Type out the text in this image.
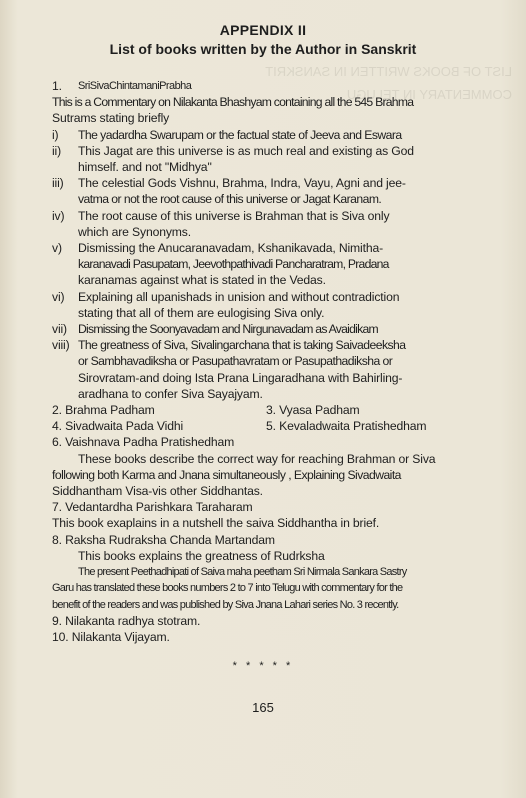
LIST OF BOOKS WRITTEN IN SANSKRIT
COMMENTARY IN TELUGU
APPENDIX II
List of books written by the Author in Sanskrit
1.	SriSivaChintamaniPrabha
This is a Commentary on Nilakanta Bhashyam containing all the 545 Brahma
Sutrams stating briefly
i)	The yadardha Swarupam or the factual state of Jeeva and Eswara
ii)	This Jagat are this universe is as much real and existing as God
himself. and not "Midhya"
iii)	The celestial Gods Vishnu, Brahma, Indra, Vayu, Agni and jee-
vatma or not the root cause of this universe or Jagat Karanam.
iv)	The root cause of this universe is Brahman that is Siva only
which are Synonyms.
v)	Dismissing the Anucaranavadam, Kshanikavada, Nimitha-
karanavadi Pasupatam, Jeevothpathivadi Pancharatram, Pradana
karanamas against what is stated in the Vedas.
vi)	Explaining all upanishads in unision and without contradiction
stating that all of them are eulogising Siva only.
vii) Dismissing the Soonyavadam and Nirgunavadam as Avaidikam
viii) The greatness of Siva, Sivalingarchana that is taking Saivadeeksha
or Sambhavadiksha or Pasupathavratam or Pasupathadiksha or
Sirovratam-and doing Ista Prana Lingaradhana with Bahirling-
aradhana to confer Siva Sayajyam.
2. Brahma Padham	3. Vyasa Padham
4. Sivadwaita Pada Vidhi	5. Kevaladwaita Pratishedham
6. Vaishnava Padha Pratishedham
These books describe the correct way for reaching Brahman or Siva
following both Karma and Jnana simultaneously , Explaining Sivadwaita
Siddhantham Visa-vis other Siddhantas.
7. Vedantardha Parishkara Taraharam
This book exaplains in a nutshell the saiva Siddhantha in brief.
8. Raksha Rudraksha Chanda Martandam
This books explains the greatness of Rudrksha
The present Peethadhipati of Saiva maha peetham Sri Nirmala Sankara Sastry
Garu has translated these books numbers 2 to 7 into Telugu with commentary for the
benefit of the readers and was published by Siva Jnana Lahari series No. 3 recently.
9. Nilakanta radhya stotram.
10. Nilakanta Vijayam.
* * * * *
165
